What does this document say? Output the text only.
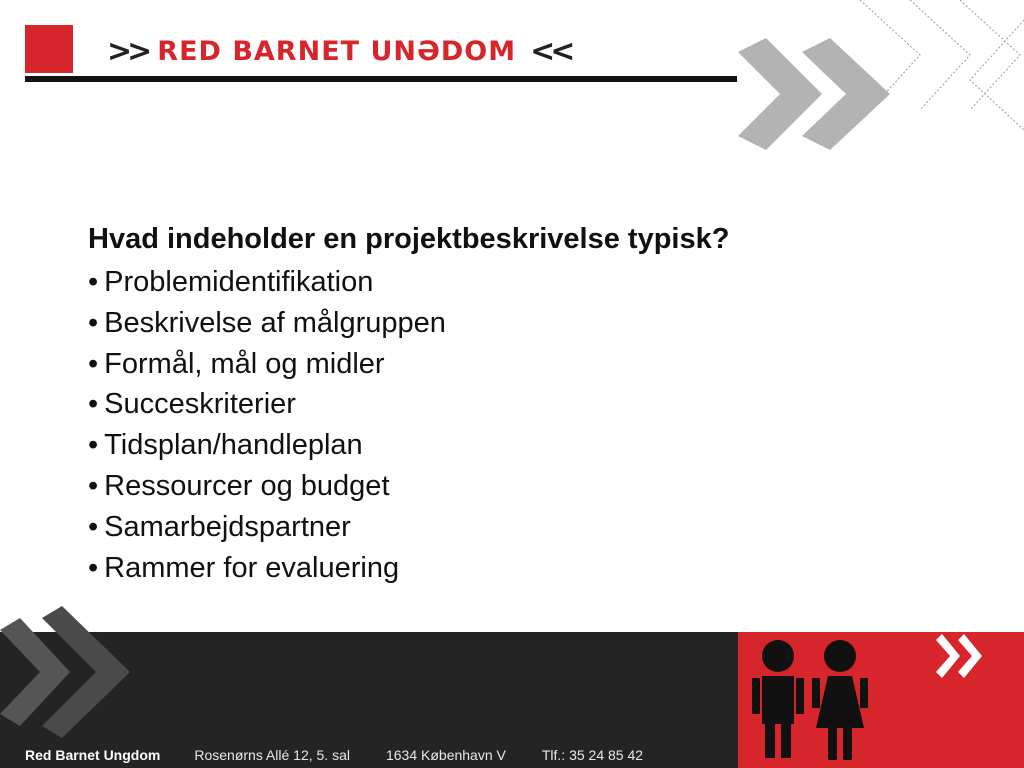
>> RED BARNET UNƏDOM <<
Hvad indeholder en projektbeskrivelse typisk?
• Problemidentifikation
• Beskrivelse af målgruppen
• Formål, mål og midler
• Succeskriterier
• Tidsplan/handleplan
• Ressourcer og budget
• Samarbejdspartner
• Rammer for evaluering
Red Barnet Ungdom Rosenørns Allé 12, 5. sal	1634 København V	Tlf.: 35 24 85 42
